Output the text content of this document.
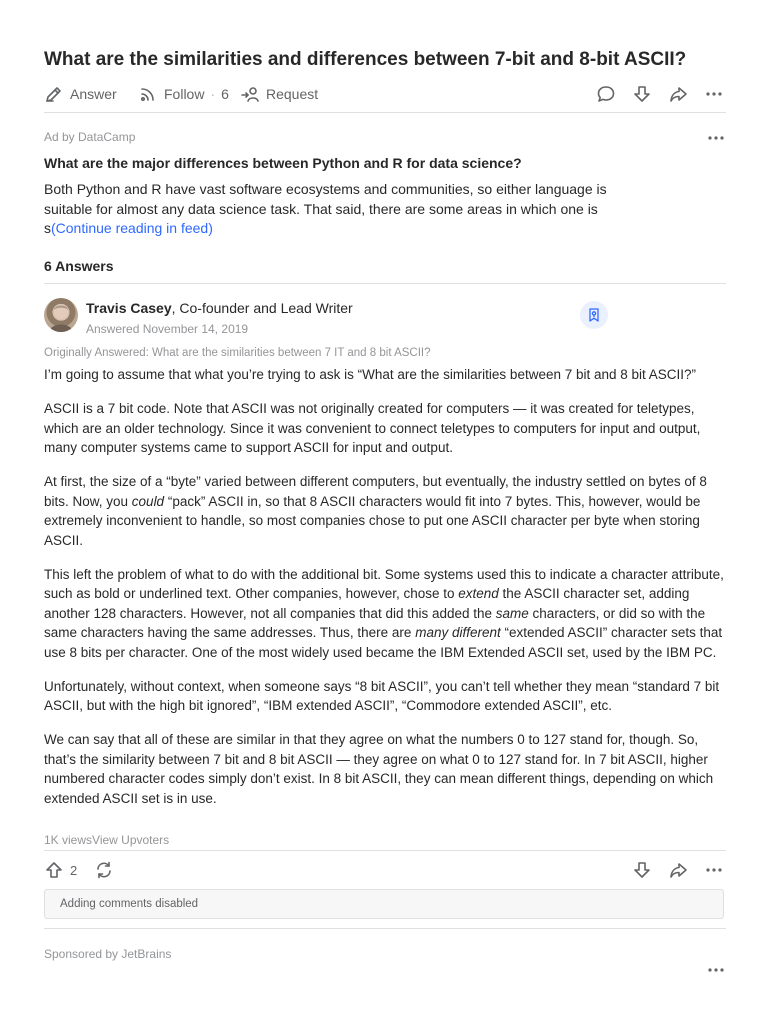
What are the similarities and differences between 7-bit and 8-bit ASCII?
Answer	Follow · 6	Request
Ad by DataCamp
What are the major differences between Python and R for data science?
Both Python and R have vast software ecosystems and communities, so either language is suitable for almost any data science task. That said, there are some areas in which one is s(Continue reading in feed)
6 Answers
Travis Casey, Co-founder and Lead Writer
Answered November 14, 2019
Originally Answered: What are the similarities between 7 IT and 8 bit ASCII?

I’m going to assume that what you’re trying to ask is “What are the similarities between 7 bit and 8 bit ASCII?”

ASCII is a 7 bit code. Note that ASCII was not originally created for computers — it was created for teletypes, which are an older technology. Since it was convenient to connect teletypes to computers for input and output, many computer systems came to support ASCII for input and output.

At first, the size of a “byte” varied between different computers, but eventually, the industry settled on bytes of 8 bits. Now, you could “pack” ASCII in, so that 8 ASCII characters would fit into 7 bytes. This, however, would be extremely inconvenient to handle, so most companies chose to put one ASCII character per byte when storing ASCII.

This left the problem of what to do with the additional bit. Some systems used this to indicate a character attribute, such as bold or underlined text. Other companies, however, chose to extend the ASCII character set, adding another 128 characters. However, not all companies that did this added the same characters, or did so with the same characters having the same addresses. Thus, there are many different “extended ASCII” character sets that use 8 bits per character. One of the most widely used became the IBM Extended ASCII set, used by the IBM PC.

Unfortunately, without context, when someone says “8 bit ASCII”, you can’t tell whether they mean “standard 7 bit ASCII, but with the high bit ignored”, “IBM extended ASCII”, “Commodore extended ASCII”, etc.

We can say that all of these are similar in that they agree on what the numbers 0 to 127 stand for, though. So, that’s the similarity between 7 bit and 8 bit ASCII — they agree on what 0 to 127 stand for. In 7 bit ASCII, higher numbered character codes simply don’t exist. In 8 bit ASCII, they can mean different things, depending on which extended ASCII set is in use.

1K viewsView Upvoters
2
Adding comments disabled
Sponsored by JetBrains
